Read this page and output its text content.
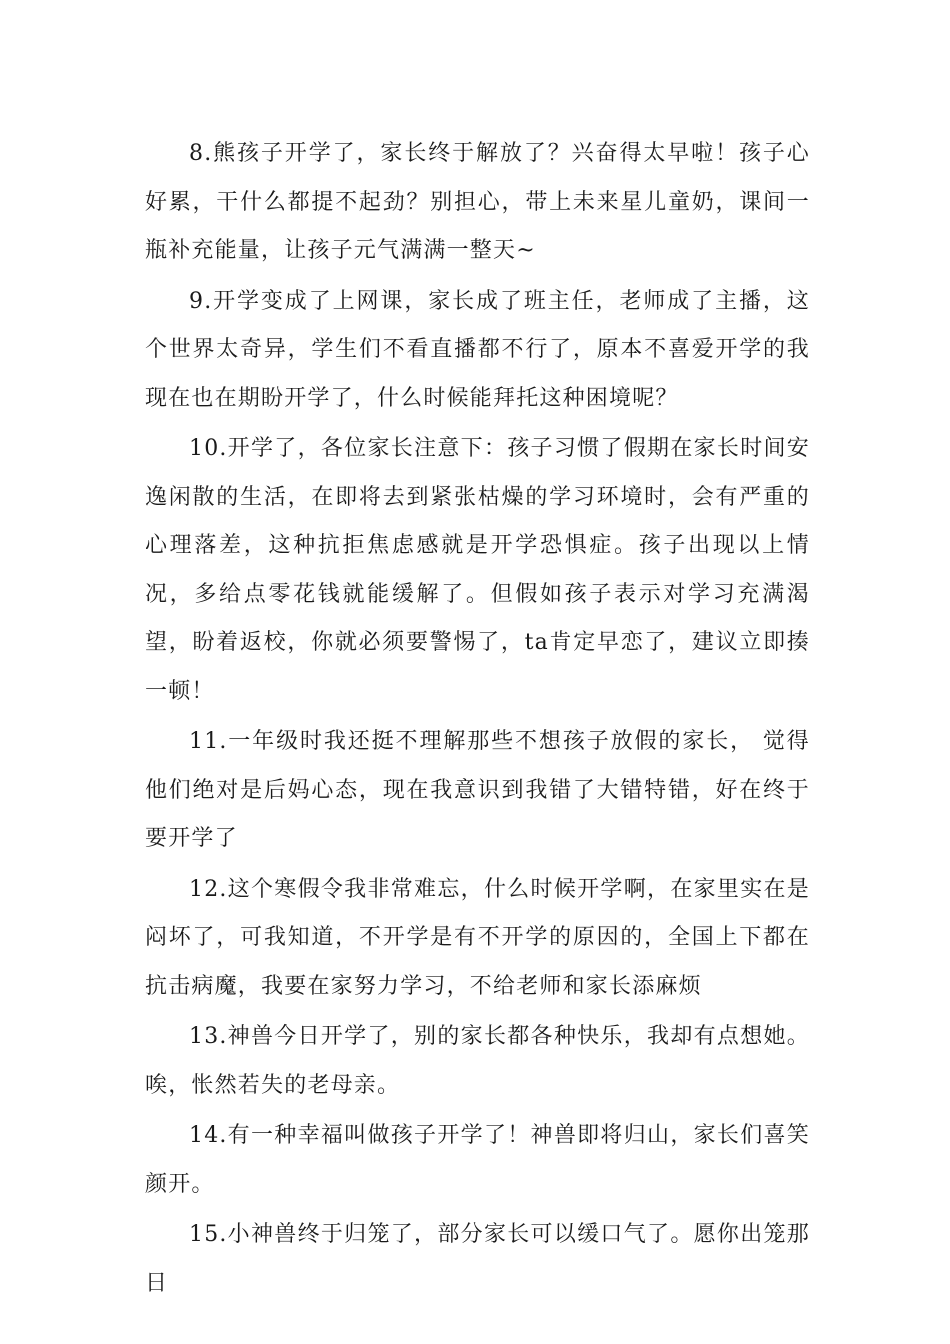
8.熊孩子开学了，家长终于解放了？兴奋得太早啦！孩子心好累，干什么都提不起劲？别担心，带上未来星儿童奶，课间一瓶补充能量，让孩子元气满满一整天~

9.开学变成了上网课，家长成了班主任，老师成了主播，这个世界太奇异，学生们不看直播都不行了，原本不喜爱开学的我现在也在期盼开学了，什么时候能拜托这种困境呢？

10.开学了，各位家长注意下：孩子习惯了假期在家长时间安逸闲散的生活，在即将去到紧张枯燥的学习环境时，会有严重的心理落差，这种抗拒焦虑感就是开学恐惧症。孩子出现以上情况，多给点零花钱就能缓解了。但假如孩子表示对学习充满渴望，盼着返校，你就必须要警惕了，ta肯定早恋了，建议立即揍一顿！

11.一年级时我还挺不理解那些不想孩子放假的家长， 觉得他们绝对是后妈心态，现在我意识到我错了大错特错，好在终于要开学了

12.这个寒假令我非常难忘，什么时候开学啊，在家里实在是闷坏了，可我知道，不开学是有不开学的原因的，全国上下都在抗击病魔，我要在家努力学习，不给老师和家长添麻烦

13.神兽今日开学了，别的家长都各种快乐，我却有点想她。唉，怅然若失的老母亲。

14.有一种幸福叫做孩子开学了！神兽即将归山，家长们喜笑颜开。

15.小神兽终于归笼了，部分家长可以缓口气了。愿你出笼那日
